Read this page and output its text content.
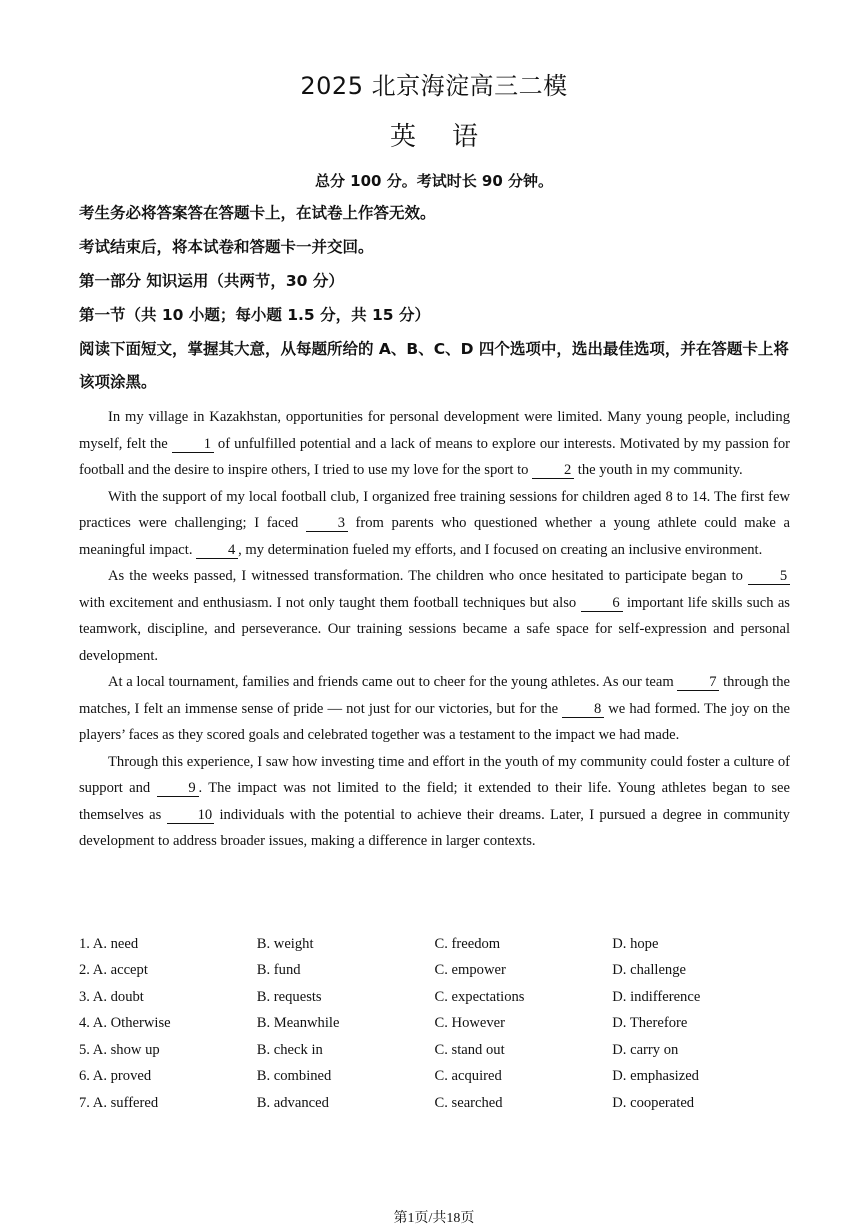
2025 北京海淀高三二模
英语
总分 100 分。考试时长 90 分钟。
考生务必将答案答在答题卡上，在试卷上作答无效。
考试结束后，将本试卷和答题卡一并交回。
第一部分 知识运用（共两节，30 分）
第一节（共 10 小题；每小题 1.5 分，共 15 分）
阅读下面短文，掌握其大意，从每题所给的 A、B、C、D 四个选项中，选出最佳选项，并在答题卡上将该项涂黑。

In my village in Kazakhstan, opportunities for personal development were limited. Many young people, including myself, felt the 1 of unfulfilled potential and a lack of means to explore our interests. Motivated by my passion for football and the desire to inspire others, I tried to use my love for the sport to 2 the youth in my community.

With the support of my local football club, I organized free training sessions for children aged 8 to 14. The first few practices were challenging; I faced 3 from parents who questioned whether a young athlete could make a meaningful impact. 4 , my determination fueled my efforts, and I focused on creating an inclusive environment.

As the weeks passed, I witnessed transformation. The children who once hesitated to participate began to 5 with excitement and enthusiasm. I not only taught them football techniques but also 6 important life skills such as teamwork, discipline, and perseverance. Our training sessions became a safe space for self-expression and personal development.

At a local tournament, families and friends came out to cheer for the young athletes. As our team 7 through the matches, I felt an immense sense of pride — not just for our victories, but for the 8 we had formed. The joy on the players’ faces as they scored goals and celebrated together was a testament to the impact we had made.

Through this experience, I saw how investing time and effort in the youth of my community could foster a culture of support and 9 . The impact was not limited to the field; it extended to their life. Young athletes began to see themselves as 10 individuals with the potential to achieve their dreams. Later, I pursued a degree in community development to address broader issues, making a difference in larger contexts.

1. A. need	B. weight	C. freedom	D. hope
2. A. accept	B. fund	C. empower	D. challenge
3. A. doubt	B. requests	C. expectations	D. indifference
4. A. Otherwise	B. Meanwhile	C. However	D. Therefore
5. A. show up	B. check in	C. stand out	D. carry on
6. A. proved	B. combined	C. acquired	D. emphasized
7. A. suffered	B. advanced	C. searched	D. cooperated
第1页/共18页
